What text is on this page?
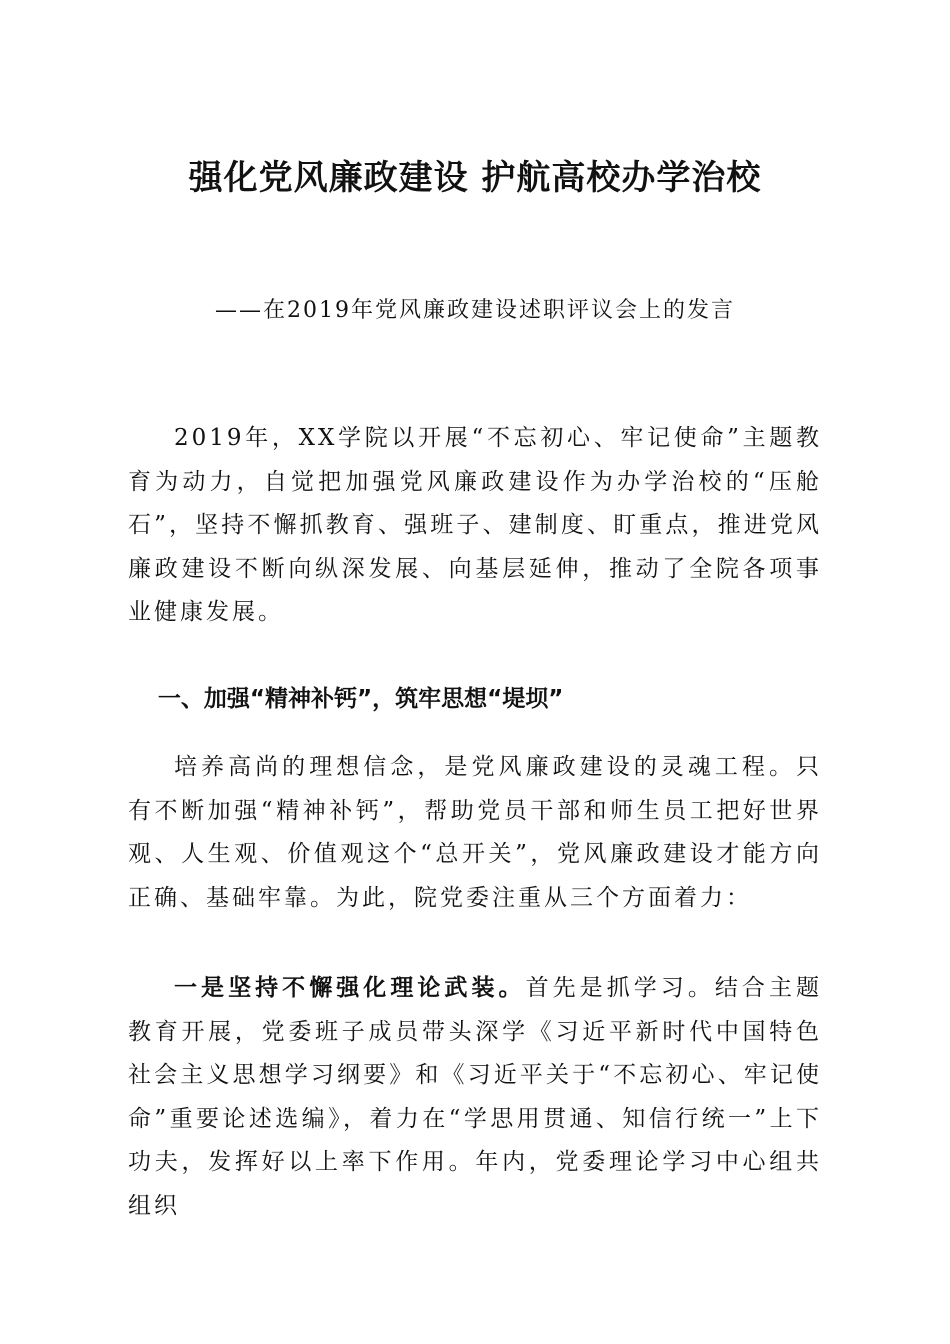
强化党风廉政建设 护航高校办学治校
——在2019年党风廉政建设述职评议会上的发言

2019年，XX学院以开展“不忘初心、牢记使命”主题教育为动力，自觉把加强党风廉政建设作为办学治校的“压舱石”，坚持不懈抓教育、强班子、建制度、盯重点，推进党风廉政建设不断向纵深发展、向基层延伸，推动了全院各项事业健康发展。

一、加强“精神补钙”，筑牢思想“堤坝”

培养高尚的理想信念，是党风廉政建设的灵魂工程。只有不断加强“精神补钙”，帮助党员干部和师生员工把好世界观、人生观、价值观这个“总开关”，党风廉政建设才能方向正确、基础牢靠。为此，院党委注重从三个方面着力：

一是坚持不懈强化理论武装。首先是抓学习。结合主题教育开展，党委班子成员带头深学《习近平新时代中国特色社会主义思想学习纲要》和《习近平关于“不忘初心、牢记使命”重要论述选编》，着力在“学思用贯通、知信行统一”上下功夫，发挥好以上率下作用。年内，党委理论学习中心组共组织
